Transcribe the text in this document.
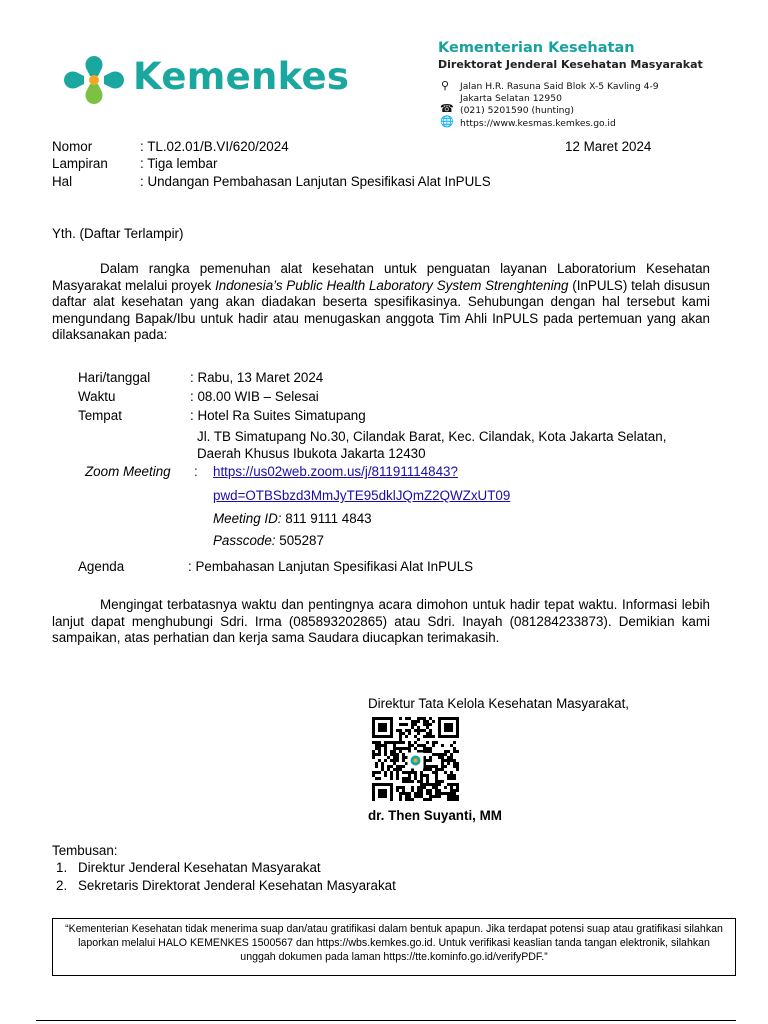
Kemenkes
Kementerian Kesehatan
Direktorat Jenderal Kesehatan Masyarakat
⚲ Jalan H.R. Rasuna Said Blok X-5 Kavling 4-9
Jakarta Selatan 12950
☎ (021) 5201590 (hunting)
🌐 https://www.kesmas.kemkes.go.id
Nomor	: TL.02.01/B.VI/620/2024	12 Maret 2024
Lampiran : Tiga lembar
Hal	: Undangan Pembahasan Lanjutan Spesifikasi Alat InPULS
Yth. (Daftar Terlampir)
Dalam rangka pemenuhan alat kesehatan untuk penguatan layanan Laboratorium Kesehatan Masyarakat melalui proyek Indonesia’s Public Health Laboratory System Strenghtening (InPULS) telah disusun daftar alat kesehatan yang akan diadakan beserta spesifikasinya. Sehubungan dengan hal tersebut kami mengundang Bapak/Ibu untuk hadir atau menugaskan anggota Tim Ahli InPULS pada pertemuan yang akan dilaksanakan pada:
Hari/tanggal	: Rabu, 13 Maret 2024
Waktu	: 08.00 WIB – Selesai
Tempat	: Hotel Ra Suites Simatupang
Jl. TB Simatupang No.30, Cilandak Barat, Kec. Cilandak, Kota Jakarta Selatan,
Daerah Khusus Ibukota Jakarta 12430
Zoom Meeting : https://us02web.zoom.us/j/81191114843?
pwd=OTBSbzd3MmJyTE95dklJQmZ2QWZxUT09
Meeting ID: 811 9111 4843
Passcode: 505287
Agenda	: Pembahasan Lanjutan Spesifikasi Alat InPULS
Mengingat terbatasnya waktu dan pentingnya acara dimohon untuk hadir tepat waktu. Informasi lebih lanjut dapat menghubungi Sdri. Irma (085893202865) atau Sdri. Inayah (081284233873). Demikian kami sampaikan, atas perhatian dan kerja sama Saudara diucapkan terimakasih.
Direktur Tata Kelola Kesehatan Masyarakat,
dr. Then Suyanti, MM
Tembusan:
1. Direktur Jenderal Kesehatan Masyarakat
2. Sekretaris Direktorat Jenderal Kesehatan Masyarakat
“Kementerian Kesehatan tidak menerima suap dan/atau gratifikasi dalam bentuk apapun. Jika terdapat potensi suap atau gratifikasi silahkan laporkan melalui HALO KEMENKES 1500567 dan https://wbs.kemkes.go.id. Untuk verifikasi keaslian tanda tangan elektronik, silahkan unggah dokumen pada laman https://tte.kominfo.go.id/verifyPDF.”
